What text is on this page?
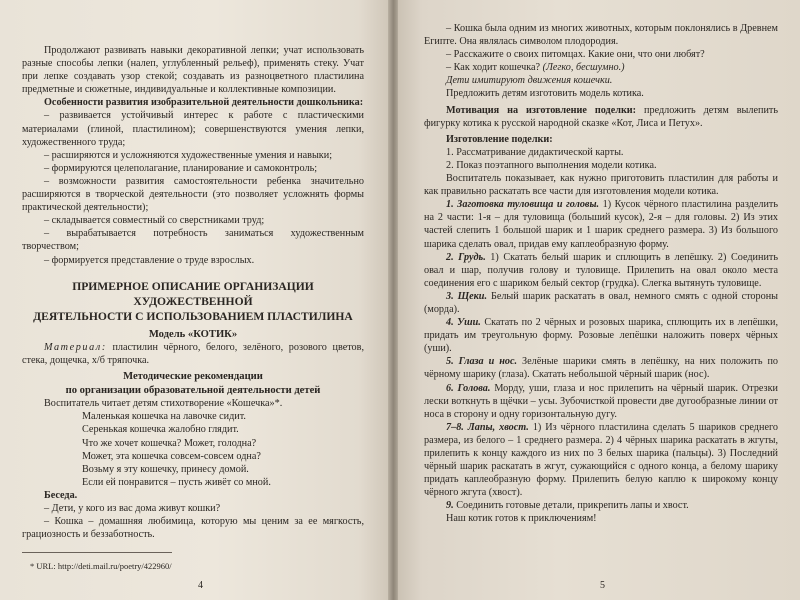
Продолжают развивать навыки декоративной лепки; учат использовать разные способы лепки (налеп, углубленный рельеф), применять стеку. Учат при лепке создавать узор стекой; создавать из разноцветного пластилина предметные и сюжетные, индивидуальные и коллективные композиции.

Особенности развития изобразительной деятельности дошкольника:

– развивается устойчивый интерес к работе с пластическими материалами (глиной, пластилином); совершенствуются умения лепки, художественного труда;

– расширяются и усложняются художественные умения и навыки;

– формируются целеполагание, планирование и самоконтроль;

– возможности развития самостоятельности ребенка значительно расширяются в творческой деятельности (это позволяет усложнять формы практической деятельности);

– складывается совместный со сверстниками труд;

– вырабатывается потребность заниматься художественным творчеством;

– формируется представление о труде взрослых.

ПРИМЕРНОЕ ОПИСАНИЕ ОРГАНИЗАЦИИ ХУДОЖЕСТВЕННОЙ
ДЕЯТЕЛЬНОСТИ С ИСПОЛЬЗОВАНИЕМ ПЛАСТИЛИНА

Модель «КОТИК»

Материал: пластилин чёрного, белого, зелёного, розового цветов, стека, дощечка, х/б тряпочка.

Методические рекомендации
по организации образовательной деятельности детей

Воспитатель читает детям стихотворение «Кошечка»*.

Маленькая кошечка на лавочке сидит.
Серенькая кошечка жалобно глядит.
Что же хочет кошечка? Может, голодна?
Может, эта кошечка совсем-совсем одна?
Возьму я эту кошечку, принесу домой.
Если ей понравится – пусть живёт со мной.

Беседа.

– Дети, у кого из вас дома живут кошки?

– Кошка – домашняя любимица, которую мы ценим за ее мягкость, грациозность и беззаботность.

* URL: http://deti.mail.ru/poetry/422960/
4

– Кошка была одним из многих животных, которым поклонялись в Древнем Египте. Она являлась символом плодородия.

– Расскажите о своих питомцах. Какие они, что они любят?

– Как ходит кошечка? (Легко, бесшумно.)

Дети имитируют движения кошечки.

Предложить детям изготовить модель котика.

Мотивация на изготовление поделки: предложить детям вылепить фигурку котика к русской народной сказке «Кот, Лиса и Петух».

Изготовление поделки:

1. Рассматривание дидактической карты.

2. Показ поэтапного выполнения модели котика.

Воспитатель показывает, как нужно приготовить пластилин для работы и как правильно раскатать все части для изготовления модели котика.

1. Заготовка туловища и головы. 1) Кусок чёрного пластилина разделить на 2 части: 1-я – для туловища (больший кусок), 2-я – для головы. 2) Из этих частей слепить 1 большой шарик и 1 шарик среднего размера. 3) Из большого шарика сделать овал, придав ему каплеобразную форму.

2. Грудь. 1) Скатать белый шарик и сплющить в лепёшку. 2) Соединить овал и шар, получив голову и туловище. Прилепить на овал около места соединения его с шариком белый сектор (грудка). Слегка вытянуть туловище.

3. Щеки. Белый шарик раскатать в овал, немного смять с одной стороны (морда).

4. Уши. Скатать по 2 чёрных и розовых шарика, сплющить их в лепёшки, придать им треугольную форму. Розовые лепёшки наложить поверх чёрных (уши).

5. Глаза и нос. Зелёные шарики смять в лепёшку, на них положить по чёрному шарику (глаза). Скатать небольшой чёрный шарик (нос).

6. Голова. Морду, уши, глаза и нос прилепить на чёрный шарик. Отрезки лески воткнуть в щёчки – усы. Зубочисткой провести две дугообразные линии от носа в сторону и одну горизонтальную дугу.

7–8. Лапы, хвост. 1) Из чёрного пластилина сделать 5 шариков среднего размера, из белого – 1 среднего размера. 2) 4 чёрных шарика раскатать в жгуты, прилепить к концу каждого из них по 3 белых шарика (пальцы). 3) Последний чёрный шарик раскатать в жгут, сужающийся с одного конца, а белому шарику придать каплеобразную форму. Прилепить белую каплю к широкому концу чёрного жгута (хвост).

9. Соединить готовые детали, прикрепить лапы и хвост.

Наш котик готов к приключениям!

5
